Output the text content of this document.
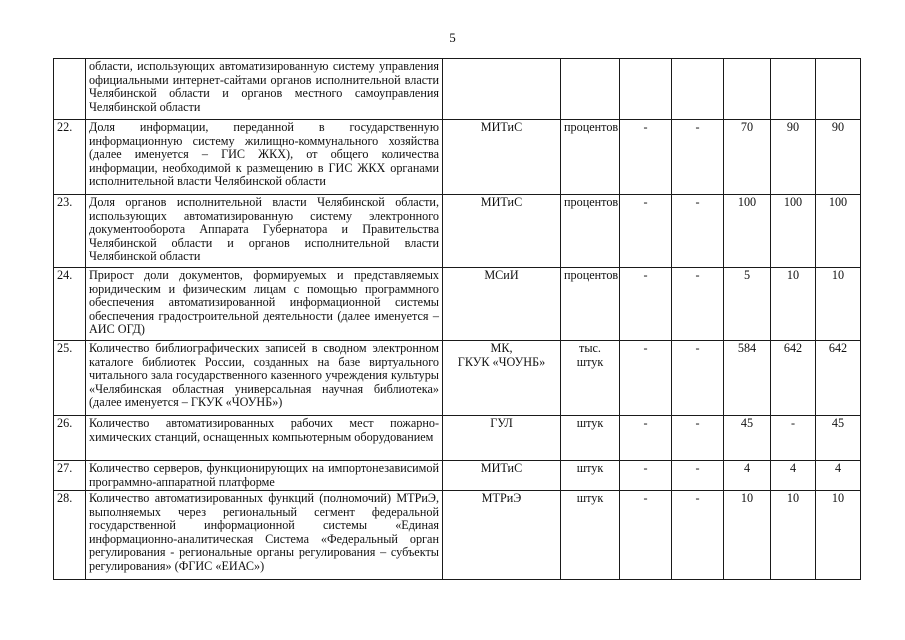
5
	области, использующих автоматизированную систему управления официальными интернет-сайтами органов исполнительной власти Челябинской области и органов местного самоуправления Челябинской области	

22.	Доля информации, переданной в государственную информационную систему жилищно-коммунального хозяйства (далее именуется – ГИС ЖКХ), от общего количества информации, необходимой к размещению в ГИС ЖКХ органами исполнительной власти Челябинской области	МИТиС	процентов	-	-	70	90	90
23.	Доля органов исполнительной власти Челябинской области, использующих автоматизированную систему электронного документооборота Аппарата Губернатора и Правительства Челябинской области и органов исполнительной власти Челябинской области	МИТиС	процентов	-	-	100	100	100
24.	Прирост доли документов, формируемых и представляемых юридическим и физическим лицам с помощью программного обеспечения автоматизированной информационной системы обеспечения градостроительной деятельности (далее именуется – АИС ОГД)	МСиИ	процентов	-	-	5	10	10
25.	Количество библиографических записей в сводном электронном каталоге библиотек России, созданных на базе виртуального читального зала государственного казенного учреждения культуры «Челябинская областная универсальная научная библиотека» (далее именуется – ГКУК «ЧОУНБ»)	МК,
ГКУК «ЧОУНБ»	тыс.
штук	-	-	584	642	642
26.	Количество автоматизированных рабочих мест пожарно-химических станций, оснащенных компьютерным оборудованием	ГУЛ	штук	-	-	45	-	45
27.	Количество серверов, функционирующих на импортонезависимой программно-аппаратной платформе	МИТиС	штук	-	-	4	4	4
28.	Количество автоматизированных функций (полномочий) МТРиЭ, выполняемых через региональный сегмент федеральной государственной информационной системы «Единая информационно-аналитическая Система «Федеральный орган регулирования - региональные органы регулирования – субъекты регулирования» (ФГИС «ЕИАС»)	МТРиЭ	штук	-	-	10	10	10
